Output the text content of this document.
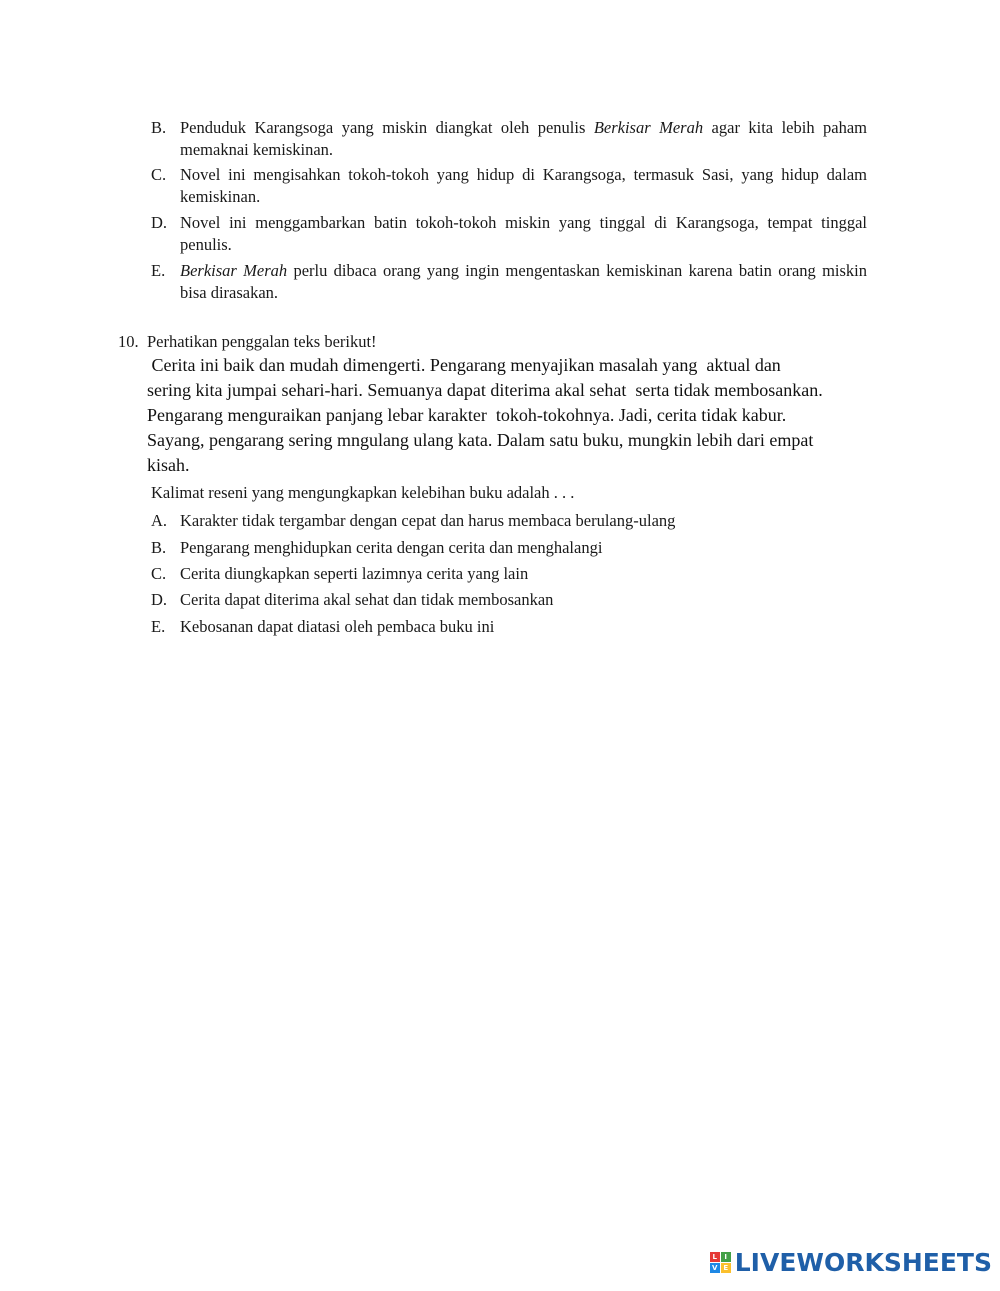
B. Penduduk Karangsoga yang miskin diangkat oleh penulis Berkisar Merah agar kita lebih paham memaknai kemiskinan.
C. Novel ini mengisahkan tokoh-tokoh yang hidup di Karangsoga, termasuk Sasi, yang hidup dalam kemiskinan.
D. Novel ini menggambarkan batin tokoh-tokoh miskin yang tinggal di Karangsoga, tempat tinggal penulis.
E. Berkisar Merah perlu dibaca orang yang ingin mengentaskan kemiskinan karena batin orang miskin bisa dirasakan.
10. Perhatikan penggalan teks berikut!
Cerita ini baik dan mudah dimengerti. Pengarang menyajikan masalah yang  aktual dan
sering kita jumpai sehari-hari. Semuanya dapat diterima akal sehat  serta tidak membosankan.
Pengarang menguraikan panjang lebar karakter  tokoh-tokohnya. Jadi, cerita tidak kabur.
Sayang, pengarang sering mngulang ulang kata. Dalam satu buku, mungkin lebih dari empat
kisah.
Kalimat reseni yang mengungkapkan kelebihan buku adalah . . .
A. Karakter tidak tergambar dengan cepat dan harus membaca berulang-ulang
B. Pengarang menghidupkan cerita dengan cerita dan menghalangi
C. Cerita diungkapkan seperti lazimnya cerita yang lain
D. Cerita dapat diterima akal sehat dan tidak membosankan
E. Kebosanan dapat diatasi oleh pembaca buku ini
L	I
V E LIVEWORKSHEETS
